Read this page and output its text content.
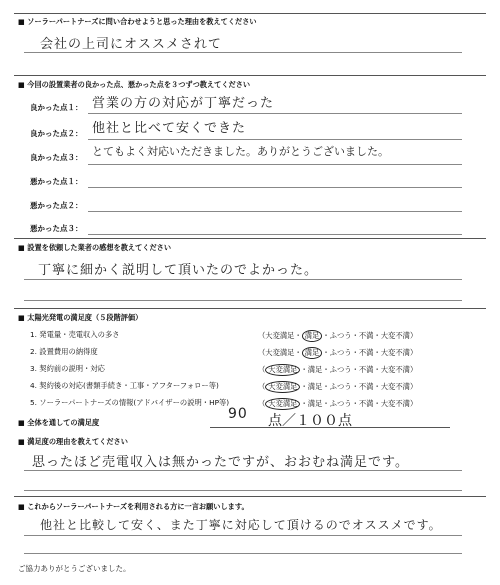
■ ソーラーパートナーズに問い合わせようと思った理由を教えてください
会社の上司にオススメされて
■ 今回の設置業者の良かった点、悪かった点を３つずつ教えてください
良かった点１： 営業の方の対応が丁寧だった
良かった点２： 他社と比べて安くできた
良かった点３： とてもよく対応いただきました。ありがとうございました。
悪かった点１：
悪かった点２：
悪かった点３：
■ 設置を依頼した業者の感想を教えてください
丁寧に細かく説明して頂いたのでよかった。
■ 太陽光発電の満足度（５段階評価）
1. 発電量・売電収入の多さ	（大変満足・満足・ふつう・不満・大変不満）
2. 設置費用の納得度	（大変満足・満足・ふつう・不満・大変不満）
3. 契約前の説明・対応	（ 大変満足・満足・ふつう・不満・大変不満）
4. 契約後の対応(書類手続き・工事・アフターフォロー等)	（ 大変満足・満足・ふつう・不満・大変不満）
5. ソーラーパートナーズの情報(アドバイザーの説明・HP等)	（ 大変満足・満足・ふつう・不満・大変不満）
■ 全体を通しての満足度
90 点／１００点
■ 満足度の理由を教えてください
思ったほど売電収入は無かったですが、おおむね満足です。
■ これからソーラーパートナーズを利用される方に一言お願いします。
他社と比較して安く、また丁寧に対応して頂けるのでオススメです。
ご協力ありがとうございました。
